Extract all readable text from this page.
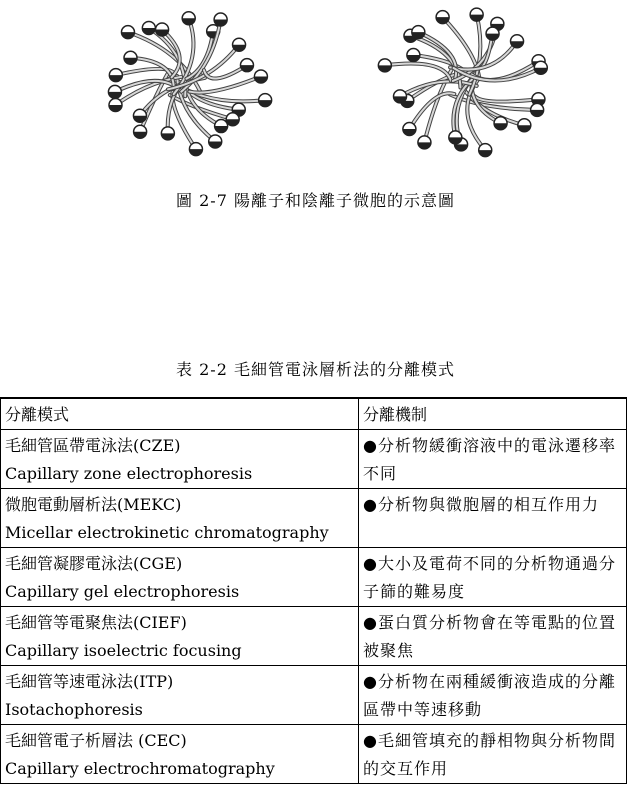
圖 2-7 陽離子和陰離子微胞的示意圖
表 2-2 毛細管電泳層析法的分離模式
分離模式	分離機制

毛細管區帶電泳法(CZE)
Capillary zone electrophoresis	●分析物緩衝溶液中的電泳遷移率不同

微胞電動層析法(MEKC)
Micellar electrokinetic chromatography	●分析物與微胞層的相互作用力

毛細管凝膠電泳法(CGE)
Capillary gel electrophoresis	●大小及電荷不同的分析物通過分子篩的難易度

毛細管等電聚焦法(CIEF)
Capillary isoelectric focusing	●蛋白質分析物會在等電點的位置被聚焦

毛細管等速電泳法(ITP)
Isotachophoresis	●分析物在兩種緩衝液造成的分離區帶中等速移動

毛細管電子析層法 (CEC)
Capillary electrochromatography	●毛細管填充的靜相物與分析物間的交互作用
